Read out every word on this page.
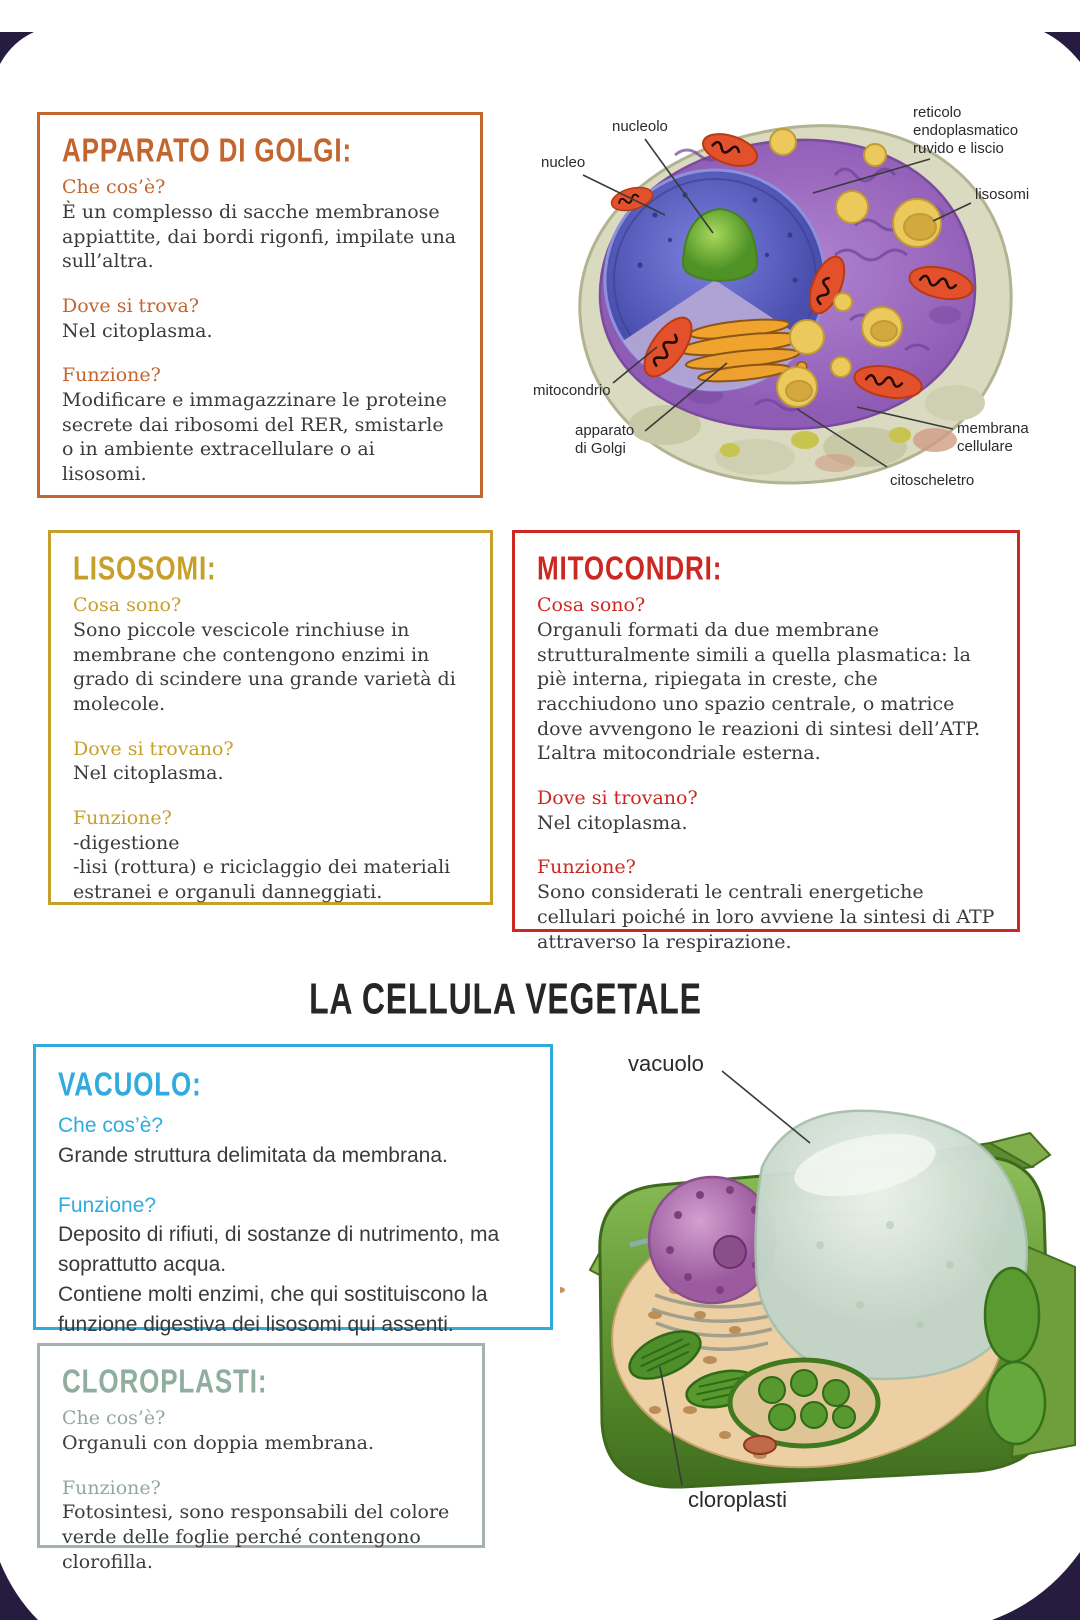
APPARATO DI GOLGI:

Che cos’è?

È un complesso di sacche membranose appiattite, dai bordi rigonfi, impilate una sull’altra.

Dove si trova?

Nel citoplasma.

Funzione?

Modificare e immagazzinare le proteine secrete dai ribosomi del RER, smistarle o in ambiente extracellulare o ai lisosomi.

nucleolo
nucleo
reticolo
endoplasmatico
ruvido e liscio
lisosomi
mitocondrio
apparato
di Golgi
membrana
cellulare
citoscheletro
LISOSOMI:

Cosa sono?

Sono piccole vescicole rinchiuse in membrane che contengono enzimi in grado di scindere una grande varietà di molecole.

Dove si trovano?

Nel citoplasma.

Funzione?

-digestione

-lisi (rottura) e riciclaggio dei materiali estranei e organuli danneggiati.

MITOCONDRI:

Cosa sono?

Organuli formati da due membrane strutturalmente simili a quella plasmatica: la piè interna, ripiegata in creste, che racchiudono uno spazio centrale, o matrice dove avvengono le reazioni di sintesi dell’ATP.

L’altra mitocondriale esterna.

Dove si trovano?

Nel citoplasma.

Funzione?

Sono considerati le centrali energetiche cellulari poiché in loro avviene la sintesi di ATP attraverso la respirazione.

LA CELLULA VEGETALE
VACUOLO:

Che cos’è?

Grande struttura delimitata da membrana.

Funzione?

Deposito di rifiuti, di sostanze di nutrimento, ma soprattutto acqua.

Contiene molti enzimi, che qui sostituiscono la funzione digestiva dei lisosomi qui assenti.

CLOROPLASTI:

Che cos’è?

Organuli con doppia membrana.

Funzione?

Fotosintesi, sono responsabili del colore verde delle foglie perché contengono clorofilla.

vacuolo
cloroplasti
